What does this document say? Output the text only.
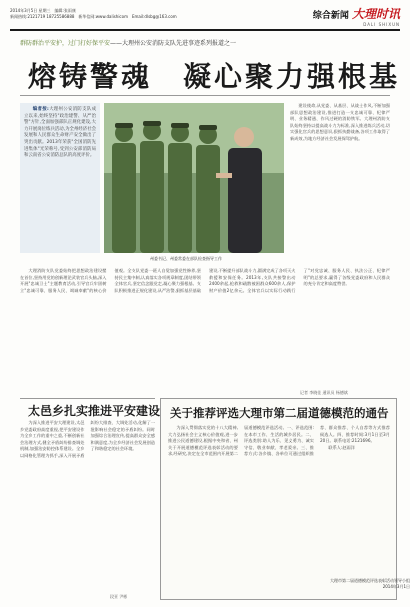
2014年3月5日 星期三　编辑:张雨康
新闻热线:2121719 18725586888　新华信网:www.dalishicom　Email:dlsbg@163.com	综合新闻 大理时讯
DALI SHIXUN
群防群治平安护，过门打好保平安——大理州公安消防支队先进事迹系列报道之一
熔铸警魂　凝心聚力强根基

编者按:大理州公安消防支队成立以来,始终坚持"政治建警、从严治警"方针,全面加强部队正规化建设,大力开展岗位练兵活动,为全州经济社会发展和人民群众生命财产安全做出了突出贡献。2013年荣获"全国消防先进集体"光荣称号,受到公安部消防局和云南省公安消防总队的高度评价。

州委书记、州委常委在部队检查指导工作

建设使命,从党委、从基层、从战士作风,不断加强部队思想政治建设,推进打造一支忠诚可靠、纪律严明、业务精通、作风过硬的消防铁军。大理州消防支队始终坚持以提高战斗力为标准,深入推进练兵活动,切实强化官兵的思想意识,狠抓执勤战备,各项工作取得了新成效,为地方经济社会发展保驾护航。

大理消防支队党委始终把思想政治建设摆在首位,坚持用党的创新理论武装官兵头脑,深入开展"忠诚卫士"主题教育活动,引导官兵牢固树立"忠诚可靠、服务人民、竭诚奉献"的核心价值观。全支队党委一班人自觉加强党性修养,坚持民主集中制,认真落实各项规章制度,团结带领全体官兵,坚定信念跟党走,凝心聚力强根基。支队积极推进正规化建设,从严治警,狠抓基层基础建设,不断提升部队战斗力,圆满完成了各项灭火救援和安保任务。2013年,支队共接警出动2400余起,抢救和疏散被困群众600余人,保护财产价值2亿余元。全体官兵以实际行动践行了"对党忠诚、服务人民、执法公正、纪律严明"的总要求,赢得了各级党委政府和人民群众的充分肯定和高度赞誉。

记者 李晓佳 通讯员 杨德斌
太邑乡扎实推进平安建设

为深入推进平安大理建设,太邑乡党委政府高度重视,把平安建设作为全乡工作的重中之重,不断创新社会治理方式,健全矛盾纠纷排查调处机制,加强治安防控体系建设。全乡以网格化管理为抓手,深入开展矛盾纠纷大排查、大调处活动,化解了一批影响社会稳定的矛盾纠纷。同时加强综合治理宣传,提高群众安全感和满意度,为全乡经济社会发展创造了和谐稳定的社会环境。

段亚 尹彬
关于推荐评选大理市第二届道德模范的通告

为深入贯彻落实党的十八大精神,大力弘扬社会主义核心价值观,进一步推进公民道德建设,根据中央和省、州关于开展道德模范评选表彰活动的要求,经研究,决定在全市范围内开展第二届道德模范评选活动。一、评选范围:在本市工作、生活的城乡居民。二、评选类别:助人为乐、见义勇为、诚实守信、敬业奉献、孝老爱亲。三、推荐方式:各乡镇、各单位可通过组织推荐、群众推荐、个人自荐等方式推荐候选人。四、推荐时间:3月1日至3月20日。联系电话:2121696。

联系人:赵雨洋

大理市第二届道德模范评选表彰活动领导小组
2014年3月1日
